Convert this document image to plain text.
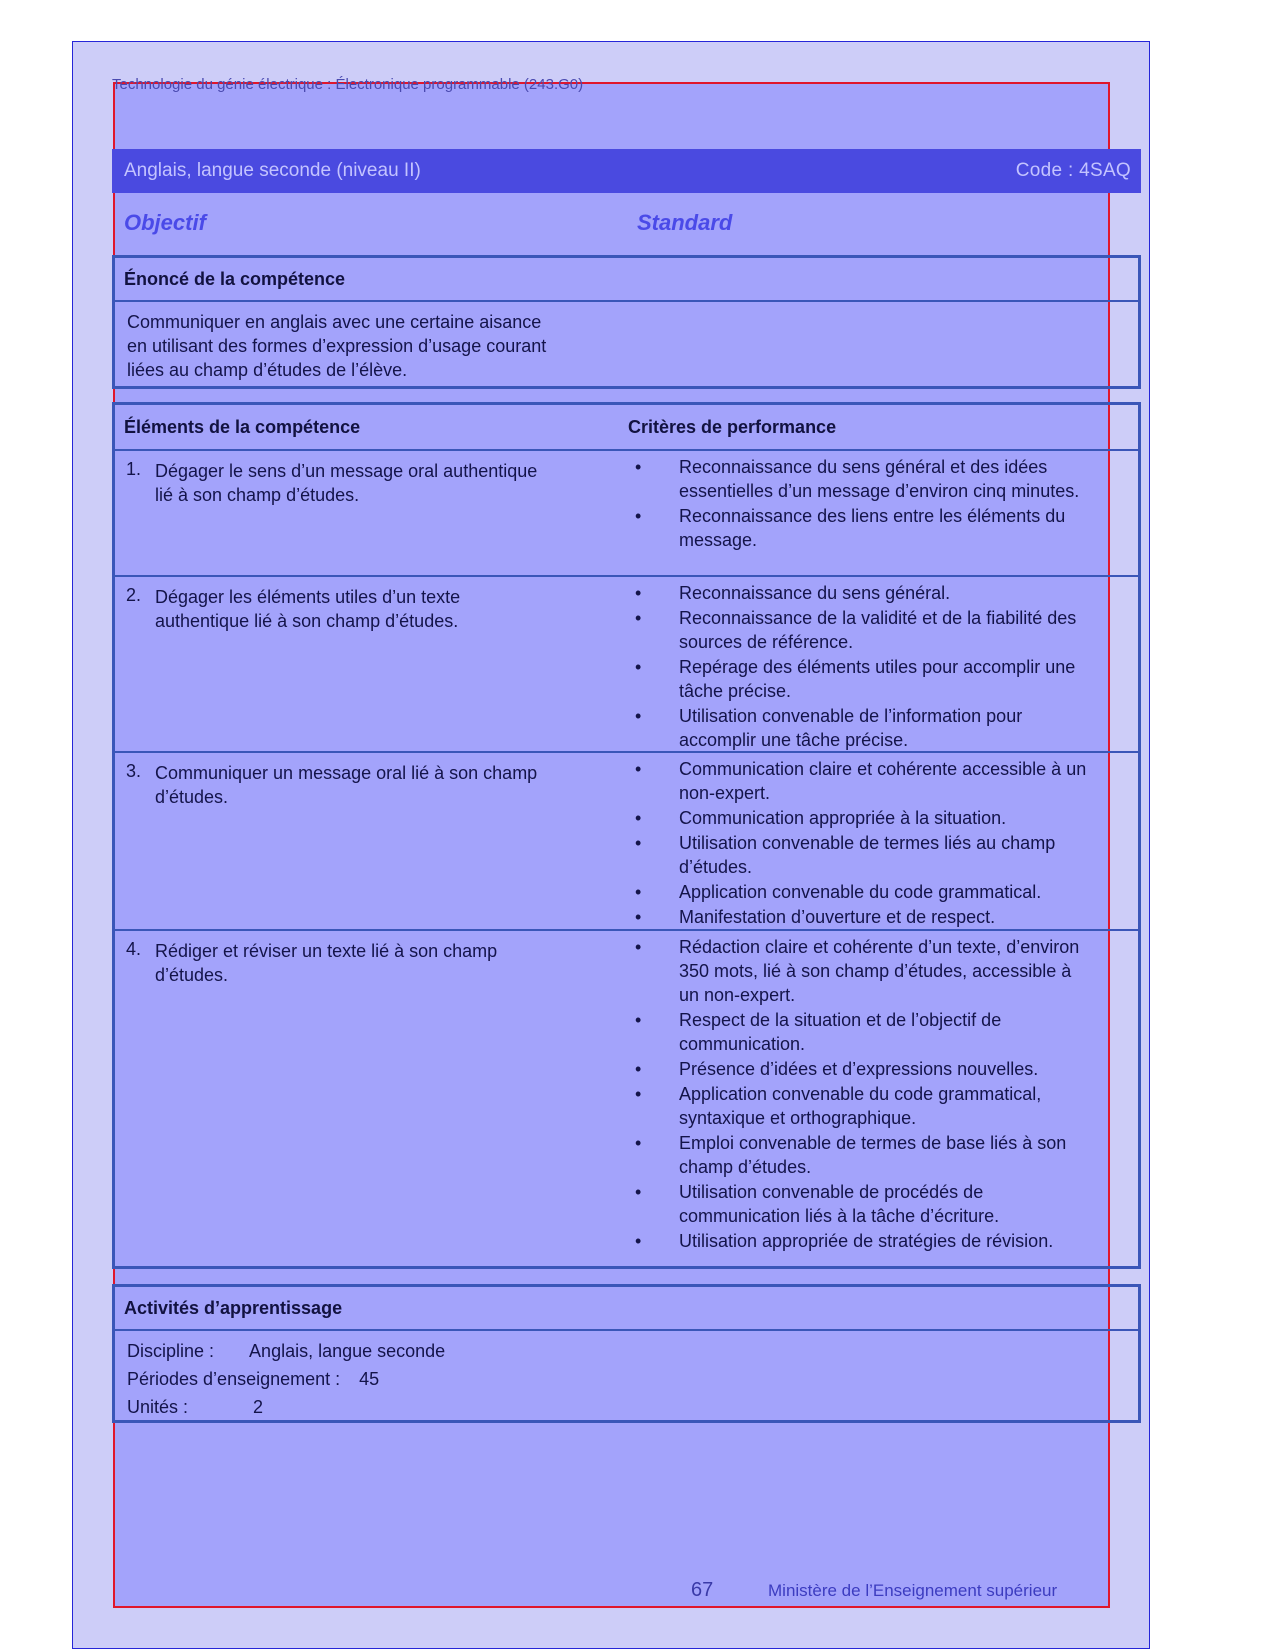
Technologie du génie électrique : Électronique programmable (243.G0)
Anglais, langue seconde (niveau II)	Code : 4SAQ
Objectif	Standard
Énoncé de la compétence
Communiquer en anglais avec une certaine aisance
en utilisant des formes d’expression d’usage courant
liées au champ d’études de l’élève.
Éléments de la compétence	Critères de performance
1. Dégager le sens d’un message oral authentique
lié à son champ d’études.
• Reconnaissance du sens général et des idées essentielles d’un message d’environ cinq minutes.
• Reconnaissance des liens entre les éléments du message.
2. Dégager les éléments utiles d’un texte
authentique lié à son champ d’études.
• Reconnaissance du sens général.
• Reconnaissance de la validité et de la fiabilité des sources de référence.
• Repérage des éléments utiles pour accomplir une tâche précise.
• Utilisation convenable de l’information pour accomplir une tâche précise.
3. Communiquer un message oral lié à son champ
d’études.
• Communication claire et cohérente accessible à un non-expert.
• Communication appropriée à la situation.
• Utilisation convenable de termes liés au champ d’études.
• Application convenable du code grammatical.
• Manifestation d’ouverture et de respect.
4. Rédiger et réviser un texte lié à son champ
d’études.
• Rédaction claire et cohérente d’un texte, d’environ 350 mots, lié à son champ d’études, accessible à un non-expert.
• Respect de la situation et de l’objectif de communication.
• Présence d’idées et d’expressions nouvelles.
• Application convenable du code grammatical, syntaxique et orthographique.
• Emploi convenable de termes de base liés à son champ d’études.
• Utilisation convenable de procédés de communication liés à la tâche d’écriture.
• Utilisation appropriée de stratégies de révision.
Activités d’apprentissage
Discipline : Anglais, langue seconde
Périodes d’enseignement : 45
Unités :	2
67	Ministère de l’Enseignement supérieur
